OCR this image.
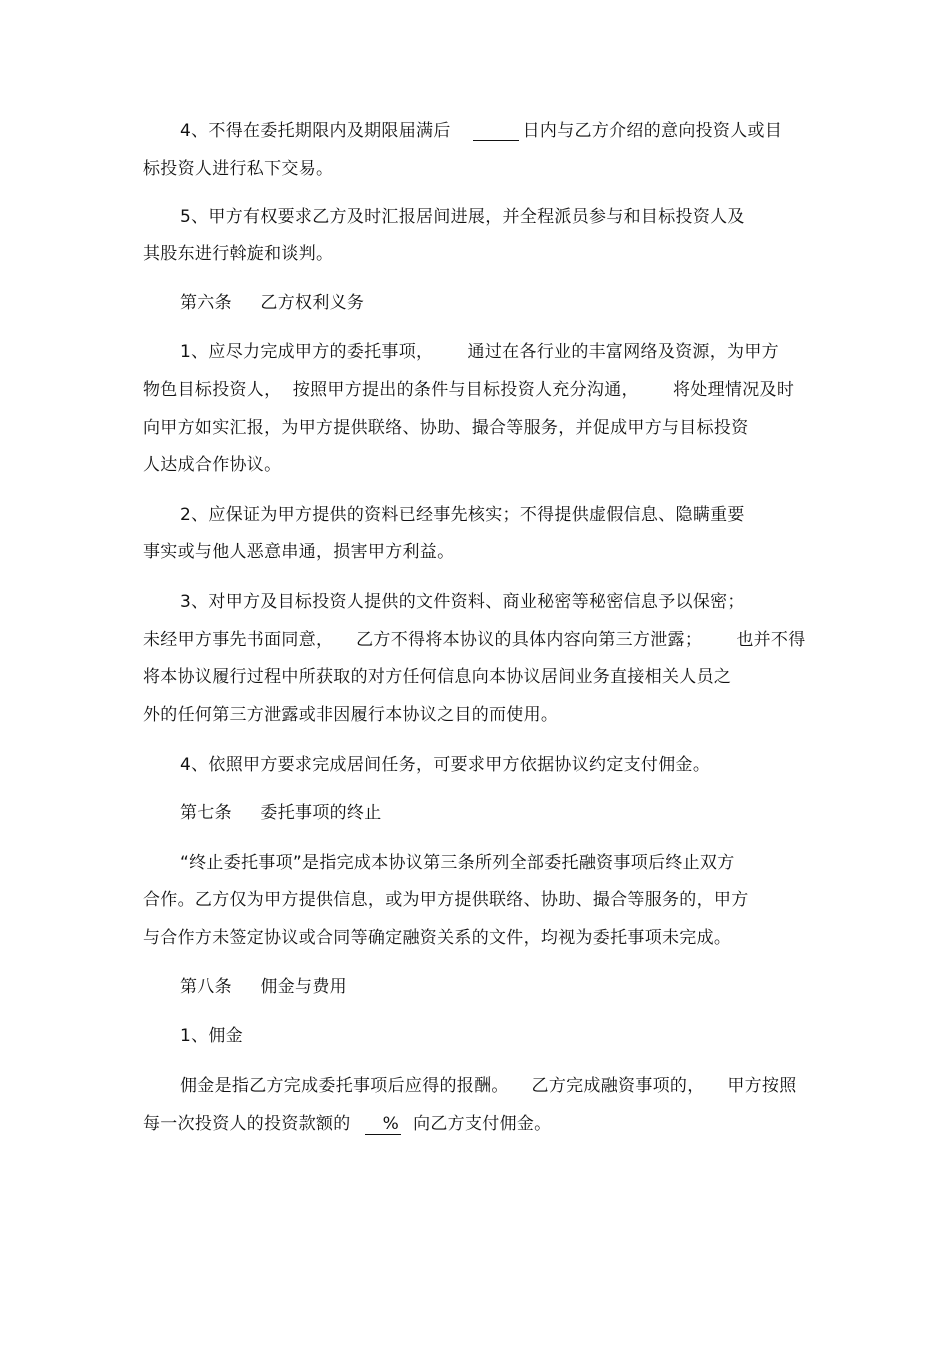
4、不得在委托期限内及期限届满后	日内与乙方介绍的意向投资人或目
标投资人进行私下交易。
5、甲方有权要求乙方及时汇报居间进展，并全程派员参与和目标投资人及
其股东进行斡旋和谈判。
第六条     乙方权利义务
1、应尽力完成甲方的委托事项，      通过在各行业的丰富网络及资源，为甲方
物色目标投资人，  按照甲方提出的条件与目标投资人充分沟通，      将处理情况及时
向甲方如实汇报，为甲方提供联络、协助、撮合等服务，并促成甲方与目标投资
人达成合作协议。
2、应保证为甲方提供的资料已经事先核实；不得提供虚假信息、隐瞒重要
事实或与他人恶意串通，损害甲方利益。
3、对甲方及目标投资人提供的文件资料、商业秘密等秘密信息予以保密；
未经甲方事先书面同意，    乙方不得将本协议的具体内容向第三方泄露；      也并不得
将本协议履行过程中所获取的对方任何信息向本协议居间业务直接相关人员之
外的任何第三方泄露或非因履行本协议之目的而使用。
4、依照甲方要求完成居间任务，可要求甲方依据协议约定支付佣金。
第七条     委托事项的终止
“终止委托事项”是指完成本协议第三条所列全部委托融资事项后终止双方
合作。乙方仅为甲方提供信息，或为甲方提供联络、协助、撮合等服务的，甲方
与合作方未签定协议或合同等确定融资关系的文件，均视为委托事项未完成。
第八条     佣金与费用
1、佣金
佣金是指乙方完成委托事项后应得的报酬。    乙方完成融资事项的，    甲方按照
每一次投资人的投资款额的 % 向乙方支付佣金。
